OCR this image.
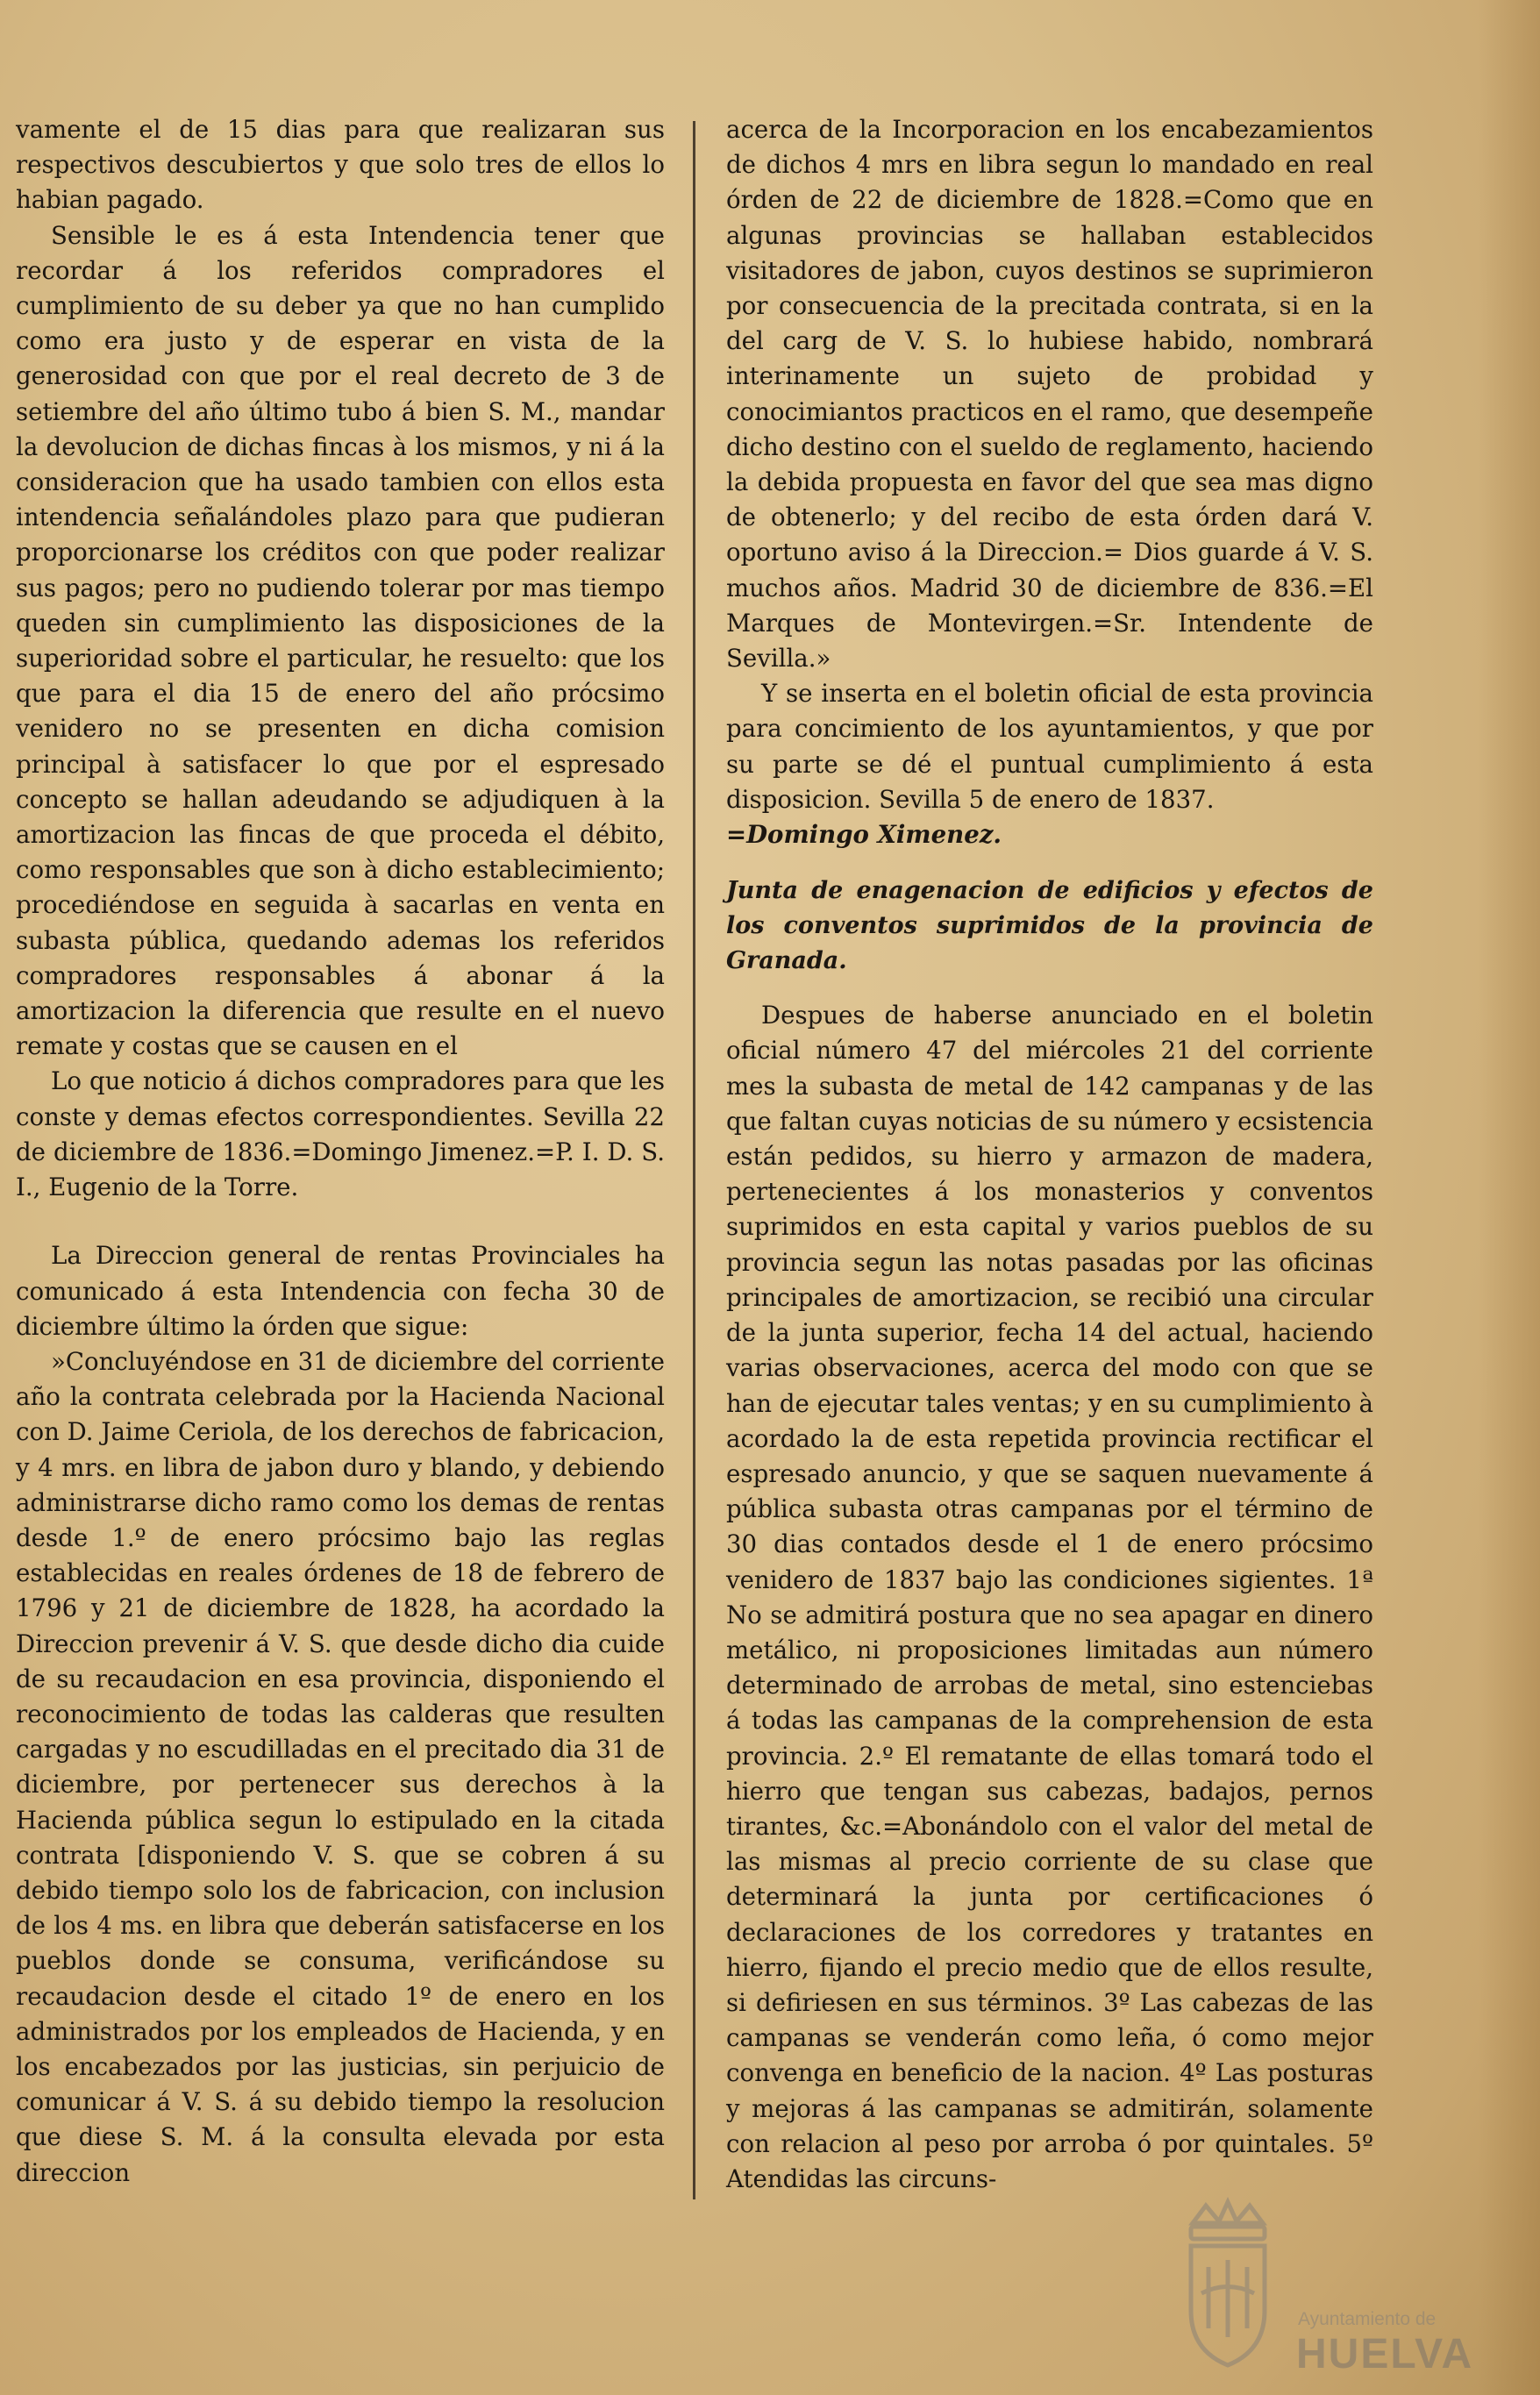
vamente el de 15 dias para que realizaran sus respectivos descubiertos y que solo tres de ellos lo habian pagado.

Sensible le es á esta Intendencia tener que recordar á los referidos compradores el cumplimiento de su deber ya que no han cumplido como era justo y de esperar en vista de la generosidad con que por el real decreto de 3 de setiembre del año último tubo á bien S. M., mandar la devolucion de dichas fincas à los mismos, y ni á la consideracion que ha usado tambien con ellos esta intendencia señalándoles plazo para que pudieran proporcionarse los créditos con que poder realizar sus pagos; pero no pudiendo tolerar por mas tiempo queden sin cumplimiento las disposiciones de la superioridad sobre el particular, he resuelto: que los que para el dia 15 de enero del año prócsimo venidero no se presenten en dicha comision principal à satisfacer lo que por el espresado concepto se hallan adeudando se adjudiquen à la amortizacion las fincas de que proceda el débito, como responsables que son à dicho establecimiento; procediéndose en seguida à sacarlas en venta en subasta pública, quedando ademas los referidos compradores responsables á abonar á la amortizacion la diferencia que resulte en el nuevo remate y costas que se causen en el

Lo que noticio á dichos compradores para que les conste y demas efectos correspondientes. Sevilla 22 de diciembre de 1836.=Domingo Jimenez.=P. I. D. S. I., Eugenio de la Torre.

La Direccion general de rentas Provinciales ha comunicado á esta Intendencia con fecha 30 de diciembre último la órden que sigue:

»Concluyéndose en 31 de diciembre del corriente año la contrata celebrada por la Hacienda Nacional con D. Jaime Ceriola, de los derechos de fabricacion, y 4 mrs. en libra de jabon duro y blando, y debiendo administrarse dicho ramo como los demas de rentas desde 1.º de enero prócsimo bajo las reglas establecidas en reales órdenes de 18 de febrero de 1796 y 21 de diciembre de 1828, ha acordado la Direccion prevenir á V. S. que desde dicho dia cuide de su recaudacion en esa provincia, disponiendo el reconocimiento de todas las calderas que resulten cargadas y no escudilladas en el precitado dia 31 de diciembre, por pertenecer sus derechos à la Hacienda pública segun lo estipulado en la citada contrata [disponiendo V. S. que se cobren á su debido tiempo solo los de fabricacion, con inclusion de los 4 ms. en libra que deberán satisfacerse en los pueblos donde se consuma, verificándose su recaudacion desde el citado 1º de enero en los administrados por los empleados de Hacienda, y en los encabezados por las justicias, sin perjuicio de comunicar á V. S. á su debido tiempo la resolucion que diese S. M. á la consulta elevada por esta direccion

acerca de la Incorporacion en los encabezamientos de dichos 4 mrs en libra segun lo mandado en real órden de 22 de diciembre de 1828.=Como que en algunas provincias se hallaban establecidos visitadores de jabon, cuyos destinos se suprimieron por consecuencia de la precitada contrata, si en la del carg de V. S. lo hubiese habido, nombrará interinamente un sujeto de probidad y conocimiantos practicos en el ramo, que desempeñe dicho destino con el sueldo de reglamento, haciendo la debida propuesta en favor del que sea mas digno de obtenerlo; y del recibo de esta órden dará V. oportuno aviso á la Direccion.= Dios guarde á V. S. muchos años. Madrid 30 de diciembre de 836.=El Marques de Montevirgen.=Sr. Intendente de Sevilla.»

Y se inserta en el boletin oficial de esta provincia para concimiento de los ayuntamientos, y que por su parte se dé el puntual cumplimiento á esta disposicion. Sevilla 5 de enero de 1837.

=Domingo Ximenez.

Junta de enagenacion de edificios y efectos de los conventos suprimidos de la provincia de Granada.

Despues de haberse anunciado en el boletin oficial número 47 del miércoles 21 del corriente mes la subasta de metal de 142 campanas y de las que faltan cuyas noticias de su número y ecsistencia están pedidos, su hierro y armazon de madera, pertenecientes á los monasterios y conventos suprimidos en esta capital y varios pueblos de su provincia segun las notas pasadas por las oficinas principales de amortizacion, se recibió una circular de la junta superior, fecha 14 del actual, haciendo varias observaciones, acerca del modo con que se han de ejecutar tales ventas; y en su cumplimiento à acordado la de esta repetida provincia rectificar el espresado anuncio, y que se saquen nuevamente á pública subasta otras campanas por el término de 30 dias contados desde el 1 de enero prócsimo venidero de 1837 bajo las condiciones sigientes. 1ª No se admitirá postura que no sea apagar en dinero metálico, ni proposiciones limitadas aun número determinado de arrobas de metal, sino estenciebas á todas las campanas de la comprehension de esta provincia. 2.º El rematante de ellas tomará todo el hierro que tengan sus cabezas, badajos, pernos tirantes, &c.=Abonándolo con el valor del metal de las mismas al precio corriente de su clase que determinará la junta por certificaciones ó declaraciones de los corredores y tratantes en hierro, fijando el precio medio que de ellos resulte, si defiriesen en sus términos. 3º Las cabezas de las campanas se venderán como leña, ó como mejor convenga en beneficio de la nacion. 4º Las posturas y mejoras á las campanas se admitirán, solamente con relacion al peso por arroba ó por quintales. 5º Atendidas las circuns-

Ayuntamiento de
HUELVA
